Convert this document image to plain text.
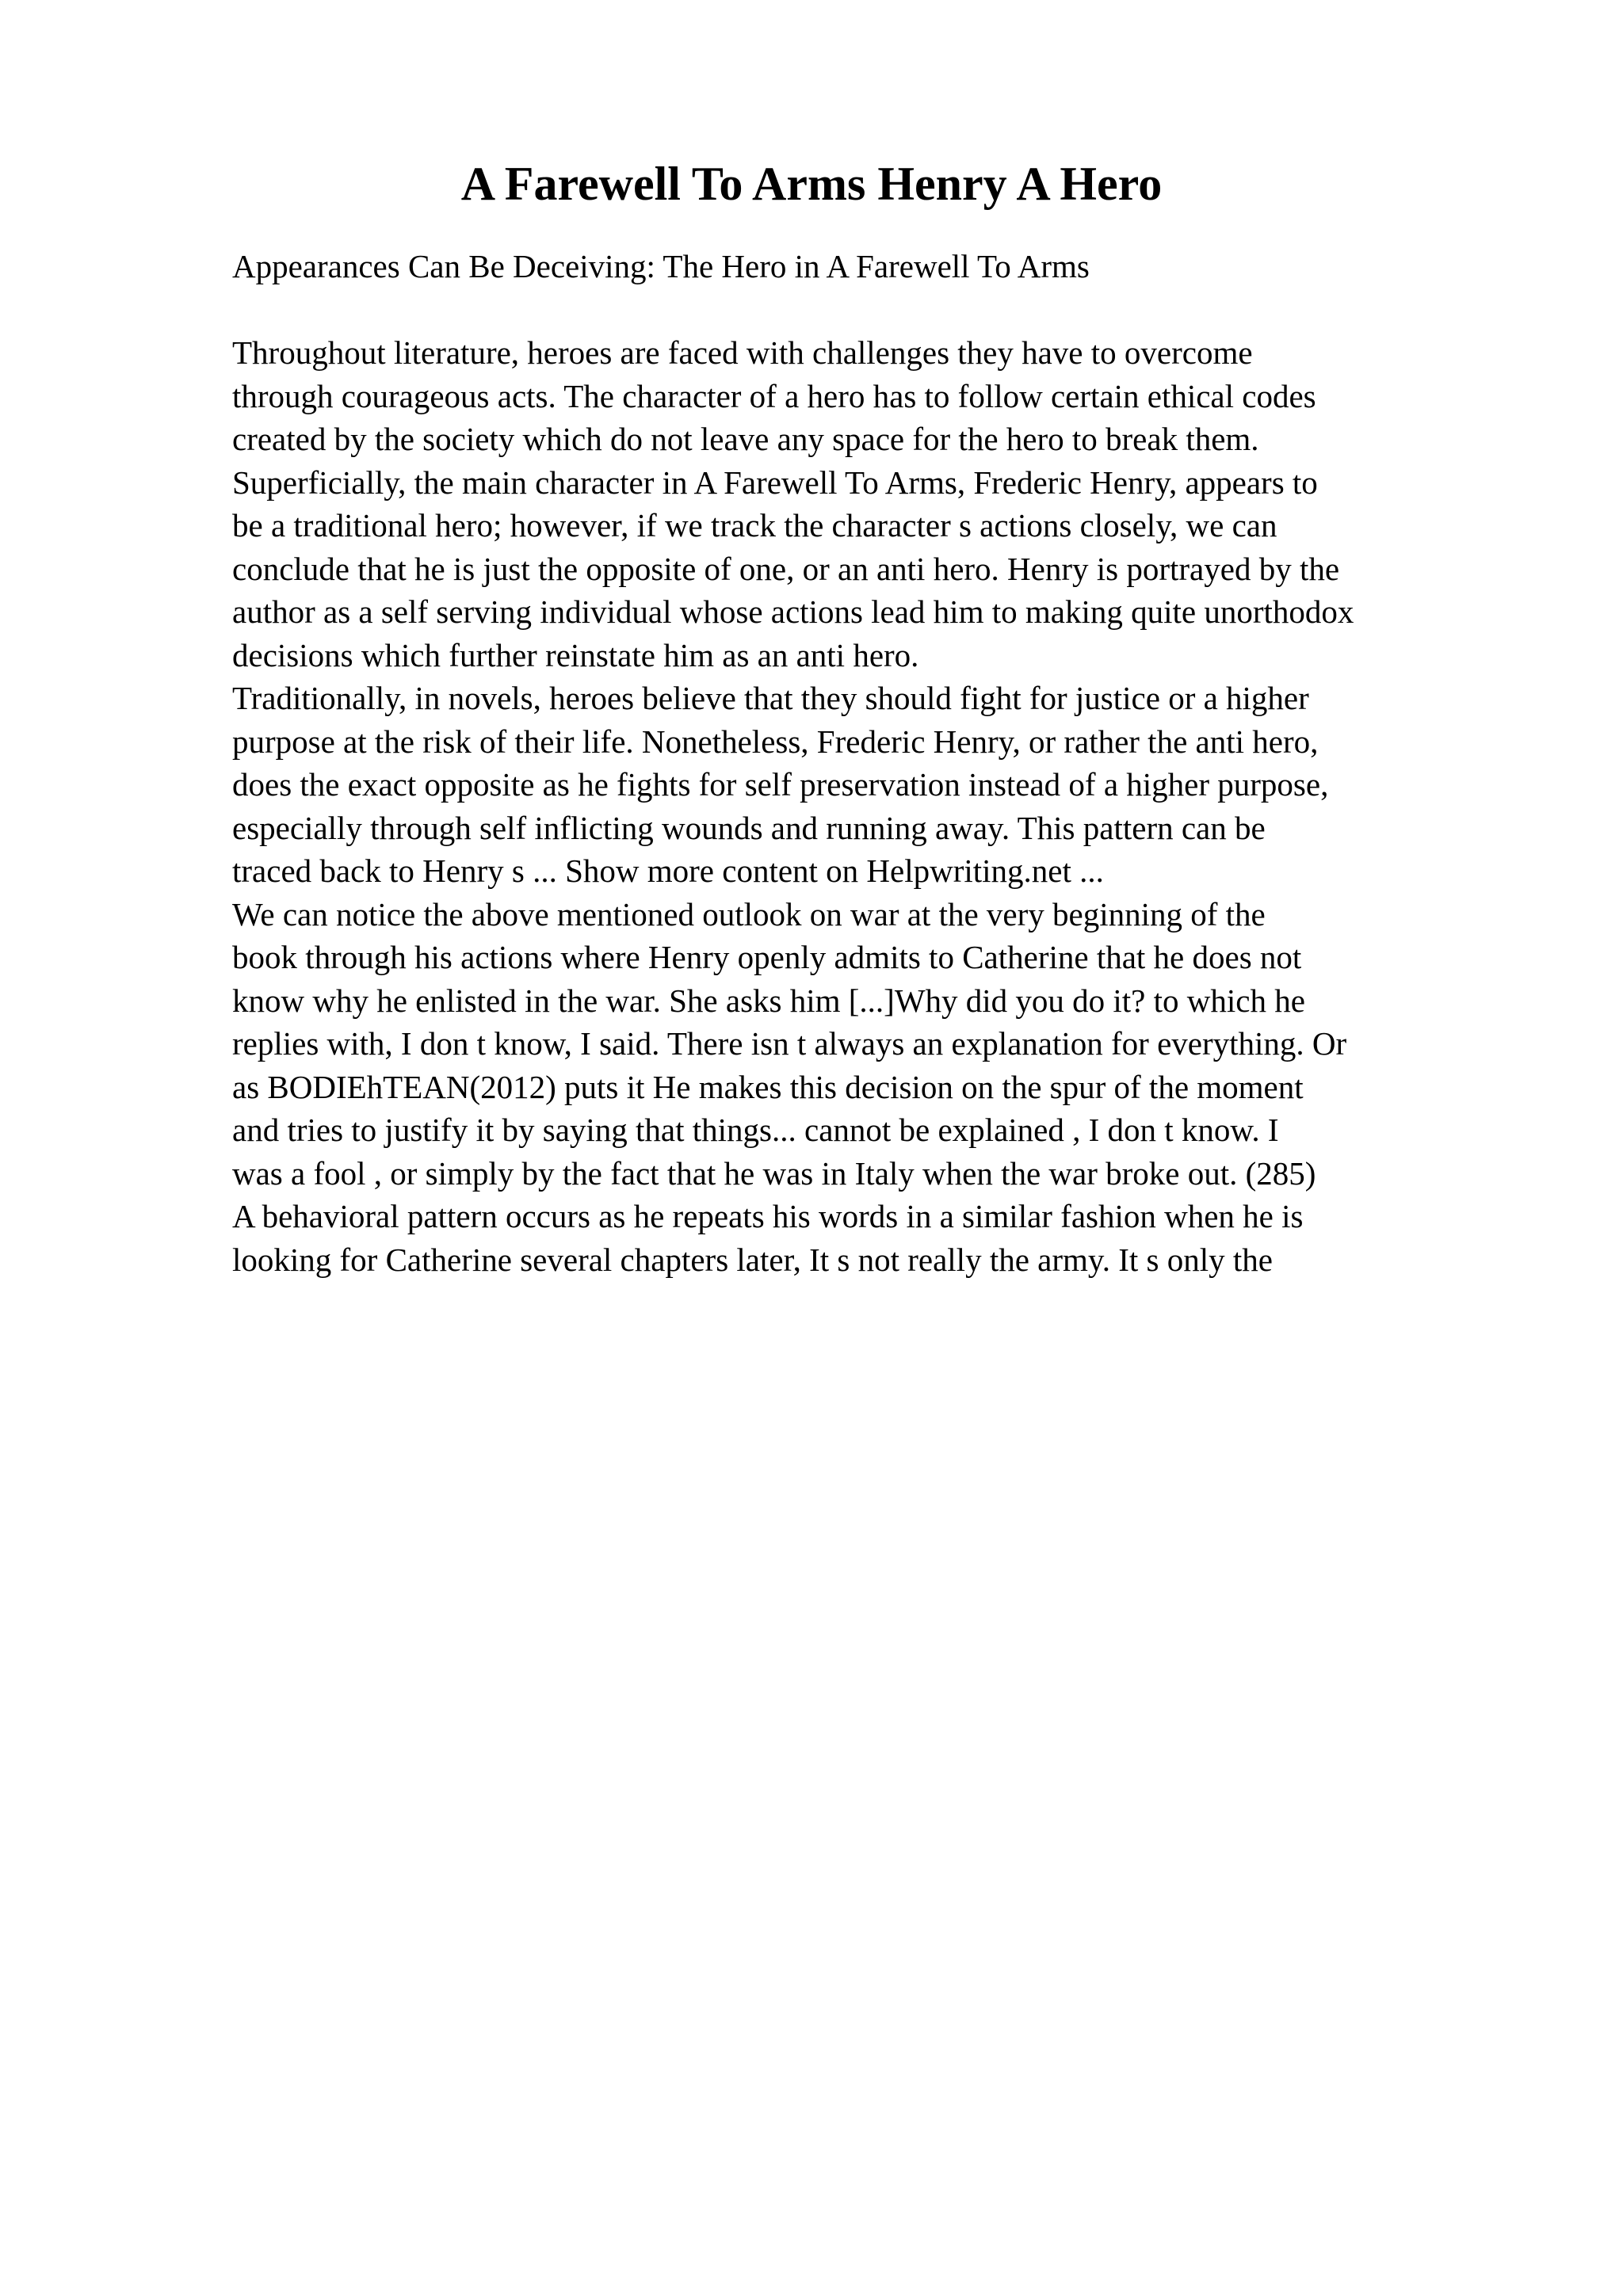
A Farewell To Arms Henry A Hero

Appearances Can Be Deceiving: The Hero in A Farewell To Arms

Throughout literature, heroes are faced with challenges they have to overcome
through courageous acts. The character of a hero has to follow certain ethical codes
created by the society which do not leave any space for the hero to break them.
Superficially, the main character in A Farewell To Arms, Frederic Henry, appears to
be a traditional hero; however, if we track the character s actions closely, we can
conclude that he is just the opposite of one, or an anti hero. Henry is portrayed by the
author as a self serving individual whose actions lead him to making quite unorthodox
decisions which further reinstate him as an anti hero.
Traditionally, in novels, heroes believe that they should fight for justice or a higher
purpose at the risk of their life. Nonetheless, Frederic Henry, or rather the anti hero,
does the exact opposite as he fights for self preservation instead of a higher purpose,
especially through self inflicting wounds and running away. This pattern can be
traced back to Henry s ... Show more content on Helpwriting.net ...
We can notice the above mentioned outlook on war at the very beginning of the
book through his actions where Henry openly admits to Catherine that he does not
know why he enlisted in the war. She asks him [...]Why did you do it? to which he
replies with, I don t know, I said. There isn t always an explanation for everything. Or
as BODIEhTEAN(2012) puts it He makes this decision on the spur of the moment
and tries to justify it by saying that things... cannot be explained , I don t know. I
was a fool , or simply by the fact that he was in Italy when the war broke out. (285)
A behavioral pattern occurs as he repeats his words in a similar fashion when he is
looking for Catherine several chapters later, It s not really the army. It s only the
